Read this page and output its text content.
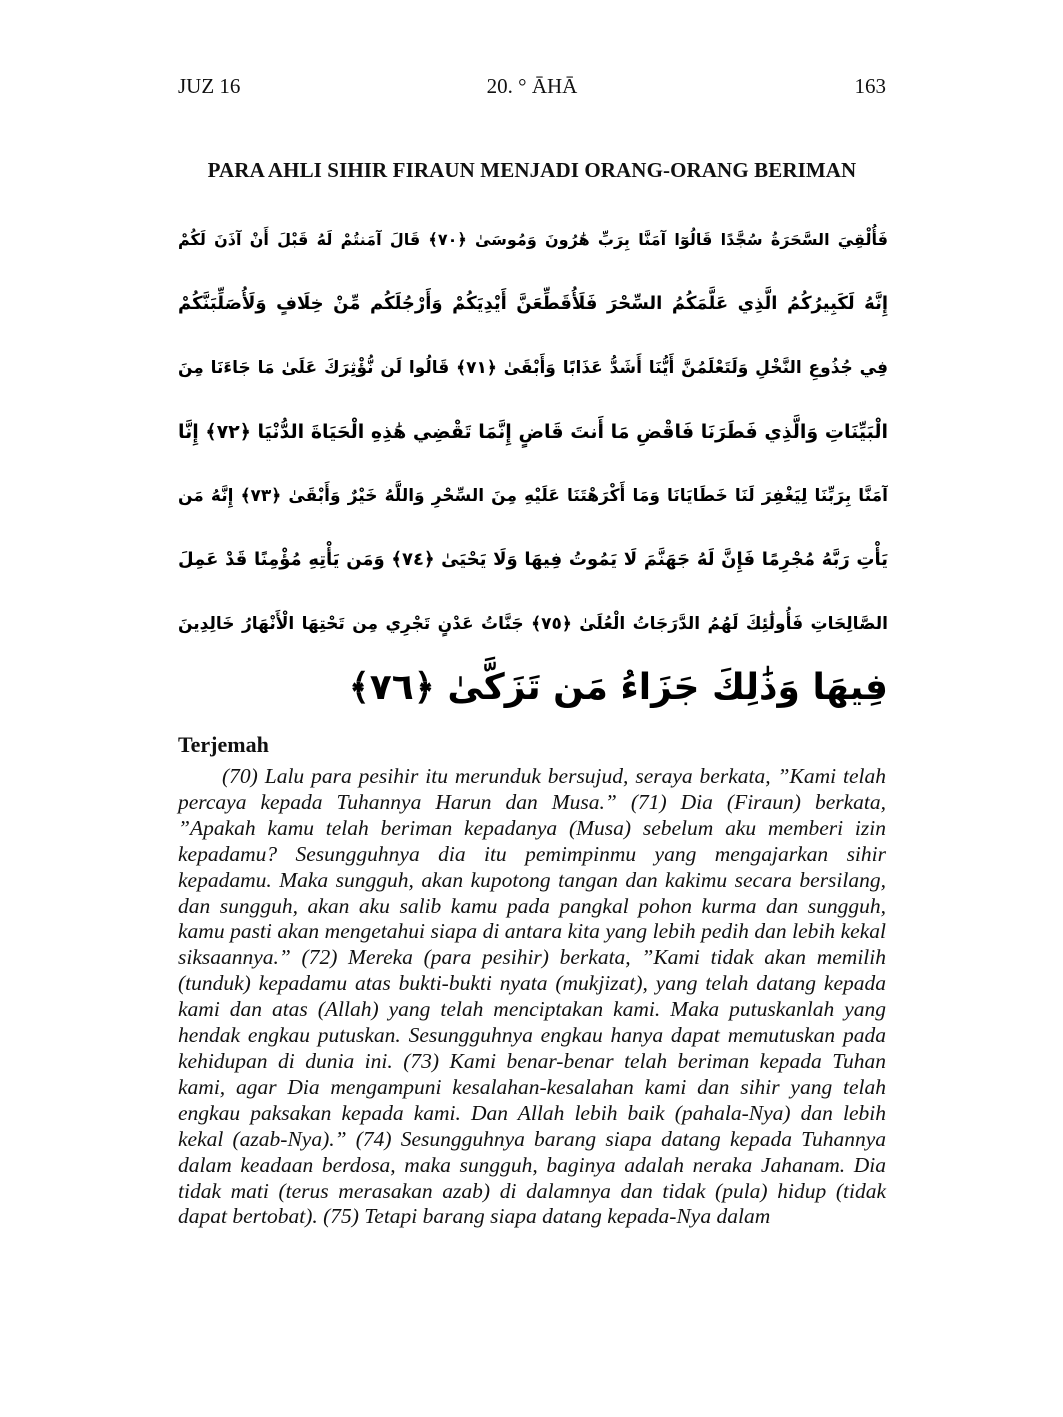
JUZ 16	20. ° ĀHĀ	163
PARA AHLI SIHIR FIRAUN MENJADI ORANG-ORANG BERIMAN
فَأُلْقِيَ السَّحَرَةُ سُجَّدًا قَالُوٓا آمَنَّا بِرَبِّ هَٰرُونَ وَمُوسَىٰ ﴿٧٠﴾ قَالَ آمَنتُمْ لَهُ قَبْلَ أَنْ آذَنَ لَكُمْ
إِنَّهُ لَكَبِيرُكُمُ الَّذِي عَلَّمَكُمُ السِّحْرَ فَلَأُقَطِّعَنَّ أَيْدِيَكُمْ وَأَرْجُلَكُم مِّنْ خِلَافٍ وَلَأُصَلِّبَنَّكُمْ
فِي جُذُوعِ النَّخْلِ وَلَتَعْلَمُنَّ أَيُّنَا أَشَدُّ عَذَابًا وَأَبْقَىٰ ﴿٧١﴾ قَالُوا لَن نُّؤْثِرَكَ عَلَىٰ مَا جَاءَنَا مِنَ
الْبَيِّنَاتِ وَالَّذِي فَطَرَنَا فَاقْضِ مَا أَنتَ قَاضٍ إِنَّمَا تَقْضِي هَٰذِهِ الْحَيَاةَ الدُّنْيَا ﴿٧٢﴾ إِنَّا
آمَنَّا بِرَبِّنَا لِيَغْفِرَ لَنَا خَطَايَانَا وَمَا أَكْرَهْتَنَا عَلَيْهِ مِنَ السِّحْرِ وَاللَّهُ خَيْرٌ وَأَبْقَىٰ ﴿٧٣﴾ إِنَّهُ مَن
يَأْتِ رَبَّهُ مُجْرِمًا فَإِنَّ لَهُ جَهَنَّمَ لَا يَمُوتُ فِيهَا وَلَا يَحْيَىٰ ﴿٧٤﴾ وَمَن يَأْتِهِ مُؤْمِنًا قَدْ عَمِلَ
الصَّالِحَاتِ فَأُولَٰئِكَ لَهُمُ الدَّرَجَاتُ الْعُلَىٰ ﴿٧٥﴾ جَنَّاتُ عَدْنٍ تَجْرِي مِن تَحْتِهَا الْأَنْهَارُ خَالِدِينَ
فِيهَا وَذَٰلِكَ جَزَاءُ مَن تَزَكَّىٰ ﴿٧٦﴾
Terjemah

(70) Lalu para pesihir itu merunduk bersujud, seraya berkata, ”Kami telah percaya kepada Tuhannya Harun dan Musa.” (71) Dia (Firaun) berkata, ”Apakah kamu telah beriman kepadanya (Musa) sebelum aku memberi izin kepadamu? Sesungguhnya dia itu pemimpinmu yang mengajarkan sihir kepadamu. Maka sungguh, akan kupotong tangan dan kakimu secara bersilang, dan sungguh, akan aku salib kamu pada pangkal pohon kurma dan sungguh, kamu pasti akan mengetahui siapa di antara kita yang lebih pedih dan lebih kekal siksaannya.” (72) Mereka (para pesihir) berkata, ”Kami tidak akan memilih (tunduk) kepadamu atas bukti-bukti nyata (mukjizat), yang telah datang kepada kami dan atas (Allah) yang telah menciptakan kami. Maka putuskanlah yang hendak engkau putuskan. Sesungguhnya engkau hanya dapat memutuskan pada kehidupan di dunia ini. (73) Kami benar-benar telah beriman kepada Tuhan kami, agar Dia mengampuni kesalahan-kesalahan kami dan sihir yang telah engkau paksakan kepada kami. Dan Allah lebih baik (pahala-Nya) dan lebih kekal (azab-Nya).” (74) Sesungguhnya barang siapa datang kepada Tuhannya dalam keadaan berdosa, maka sungguh, baginya adalah neraka Jahanam. Dia tidak mati (terus merasakan azab) di dalamnya dan tidak (pula) hidup (tidak dapat bertobat). (75) Tetapi barang siapa datang kepada-Nya dalam
